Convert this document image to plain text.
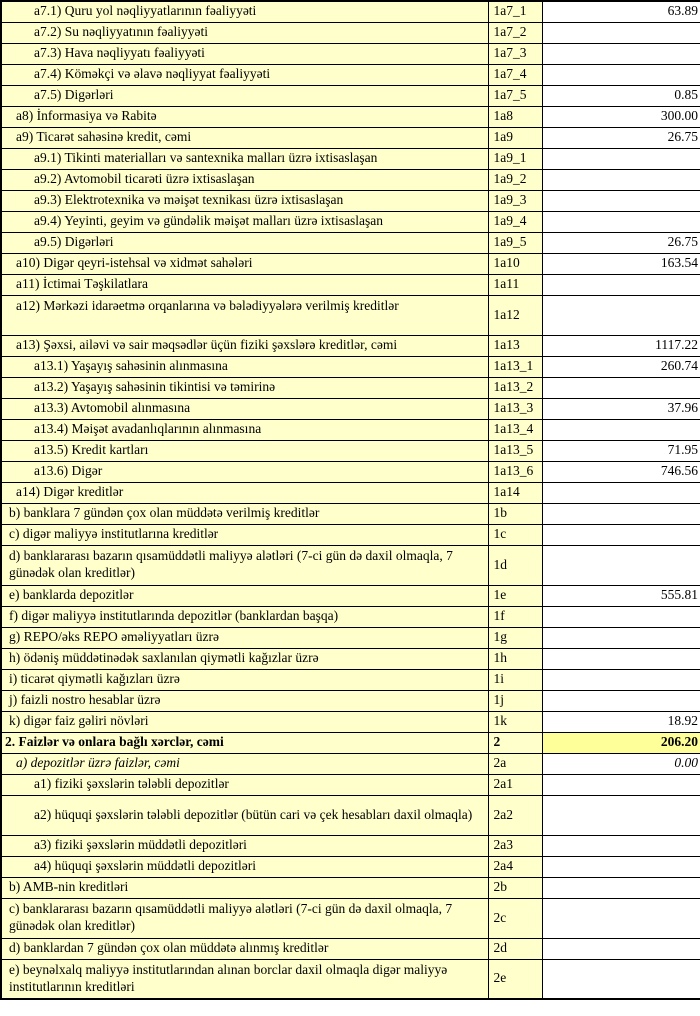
a7.1) Quru yol nəqliyyatlarının fəaliyyəti	1a7_1	63.89
a7.2) Su nəqliyyatının fəaliyyəti	1a7_2	
a7.3) Hava nəqliyyatı fəaliyyəti	1a7_3	
a7.4) Köməkçi və əlavə nəqliyyat fəaliyyəti	1a7_4	
a7.5) Digərləri	1a7_5	0.85
a8) İnformasiya və Rabitə	1a8	300.00
a9) Ticarət sahəsinə kredit, cəmi	1a9	26.75
a9.1) Tikinti materialları və santexnika malları üzrə ixtisaslaşan	1a9_1	
a9.2) Avtomobil ticarəti üzrə ixtisaslaşan	1a9_2	
a9.3) Elektrotexnika və məişət texnikası üzrə ixtisaslaşan	1a9_3	
a9.4) Yeyinti, geyim və gündəlik məişət malları üzrə ixtisaslaşan	1a9_4	
a9.5) Digərləri	1a9_5	26.75
a10) Digər qeyri-istehsal və xidmət sahələri	1a10	163.54
a11) İctimai Təşkilatlara	1a11	
a12) Mərkəzi idarəetmə orqanlarına və bələdiyyələrə verilmiş kreditlər	1a12	
a13) Şəxsi, ailəvi və sair məqsədlər üçün fiziki şəxslərə kreditlər, cəmi	1a13	1117.22
a13.1) Yaşayış sahəsinin alınmasına	1a13_1	260.74
a13.2) Yaşayış sahəsinin tikintisi və təmirinə	1a13_2	
a13.3) Avtomobil alınmasına	1a13_3	37.96
a13.4) Məişət avadanlıqlarının alınmasına	1a13_4	
a13.5) Kredit kartları	1a13_5	71.95
a13.6) Digər	1a13_6	746.56
a14) Digər kreditlər	1a14	
b) banklara 7 gündən çox olan müddətə verilmiş kreditlər	1b	
c) digər maliyyə institutlarına kreditlər	1c	
d) banklararası bazarın qısamüddətli maliyyə alətləri (7-ci gün də daxil olmaqla, 7 günədək olan kreditlər)	1d	
e) banklarda depozitlər	1e	555.81
f) digər maliyyə institutlarında depozitlər (banklardan başqa)	1f	
g) REPO/əks REPO əməliyyatları üzrə	1g	
h) ödəniş müddətinədək saxlanılan qiymətli kağızlar üzrə	1h	
i) ticarət qiymətli kağızları üzrə	1i	
j) faizli nostro hesablar üzrə	1j	
k) digər faiz gəliri növləri	1k	18.92
2. Faizlər və onlara bağlı xərclər, cəmi	2	206.20
a) depozitlər üzrə faizlər, cəmi	2a	0.00
a1) fiziki şəxslərin tələbli depozitlər	2a1	
a2) hüquqi şəxslərin tələbli depozitlər (bütün cari və çek hesabları daxil olmaqla)	2a2	
a3) fiziki şəxslərin müddətli depozitləri	2a3	
a4) hüquqi şəxslərin müddətli depozitləri	2a4	
b) AMB-nin kreditləri	2b	
c) banklararası bazarın qısamüddətli maliyyə alətləri (7-ci gün də daxil olmaqla, 7 günədək olan kreditlər)	2c	
d) banklardan 7 gündən çox olan müddətə alınmış kreditlər	2d	
e) beynəlxalq maliyyə institutlarından alınan borclar daxil olmaqla digər maliyyə institutlarının kreditləri	2e	
